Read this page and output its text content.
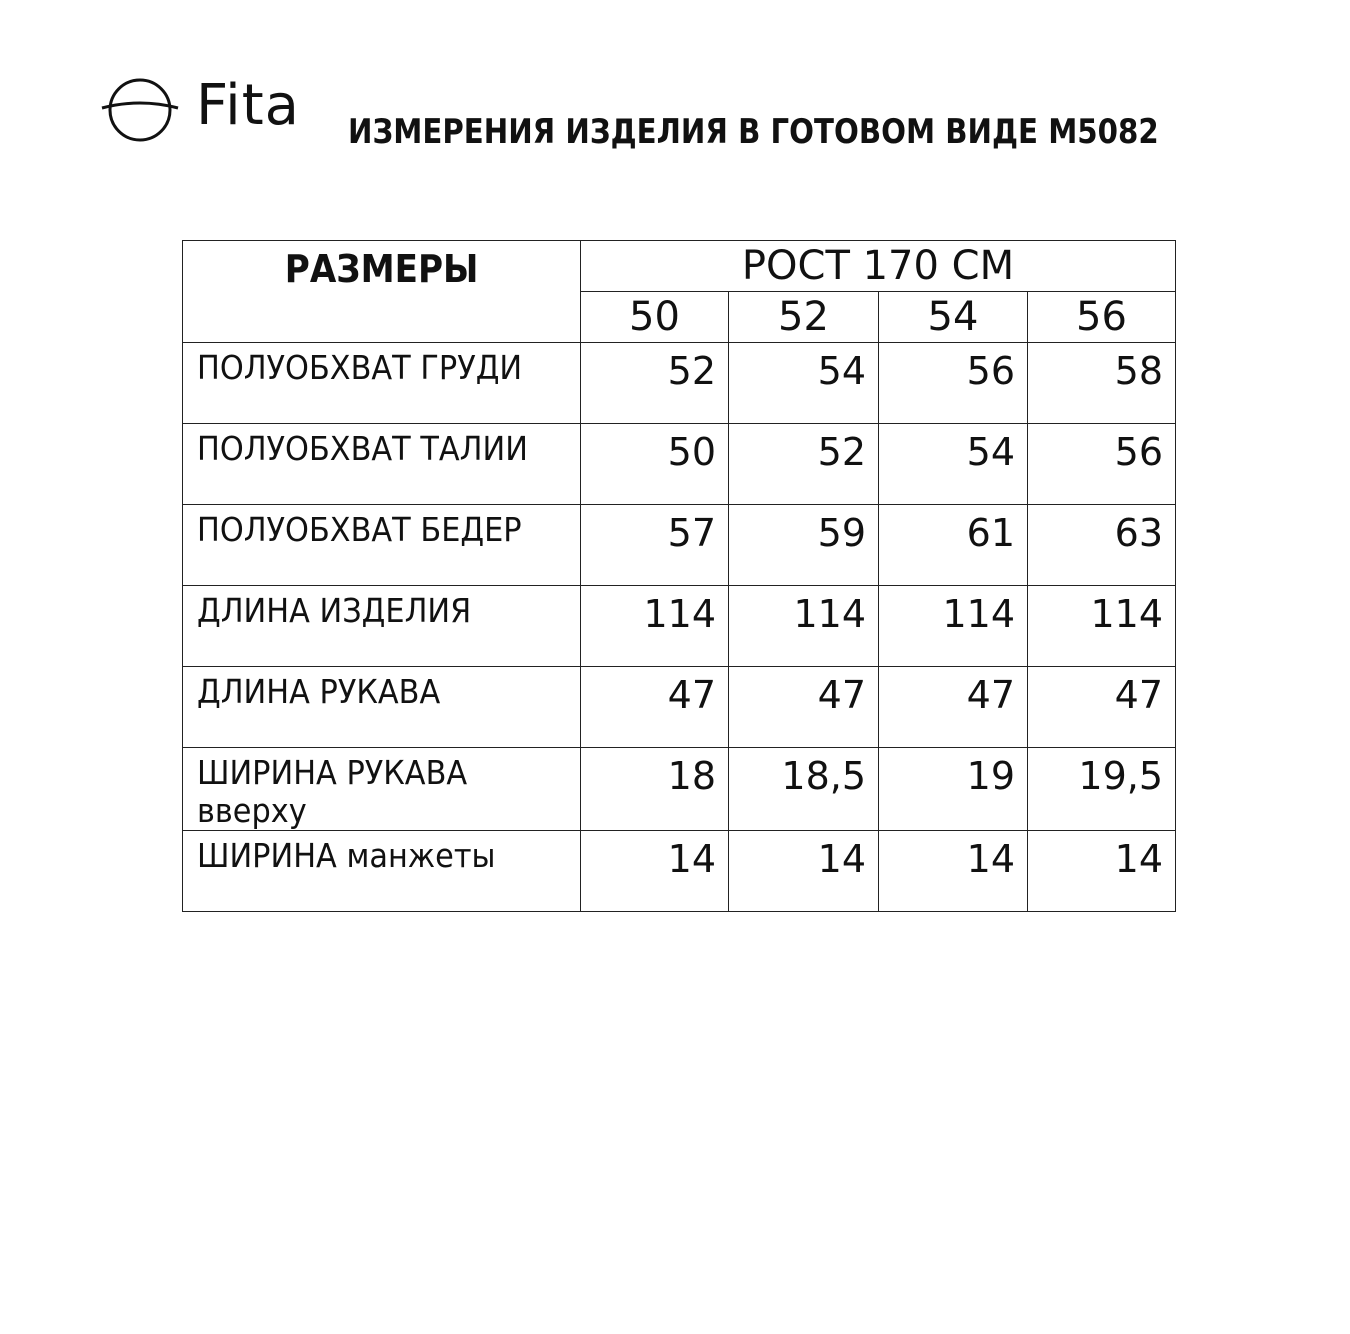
Fita ИЗМЕРЕНИЯ ИЗДЕЛИЯ В ГОТОВОМ ВИДЕ М5082
РАЗМЕРЫ	РОСТ 170 СМ			
	50	52	54	56
ПОЛУОБХВАТ ГРУДИ	52	54	56	58
ПОЛУОБХВАТ ТАЛИИ	50	52	54	56
ПОЛУОБХВАТ БЕДЕР	57	59	61	63
ДЛИНА ИЗДЕЛИЯ	114	114	114	114
ДЛИНА РУКАВА	47	47	47	47
ШИРИНА РУКАВА
вверху	18	18,5	19	19,5
ШИРИНА манжеты	14	14	14	14
